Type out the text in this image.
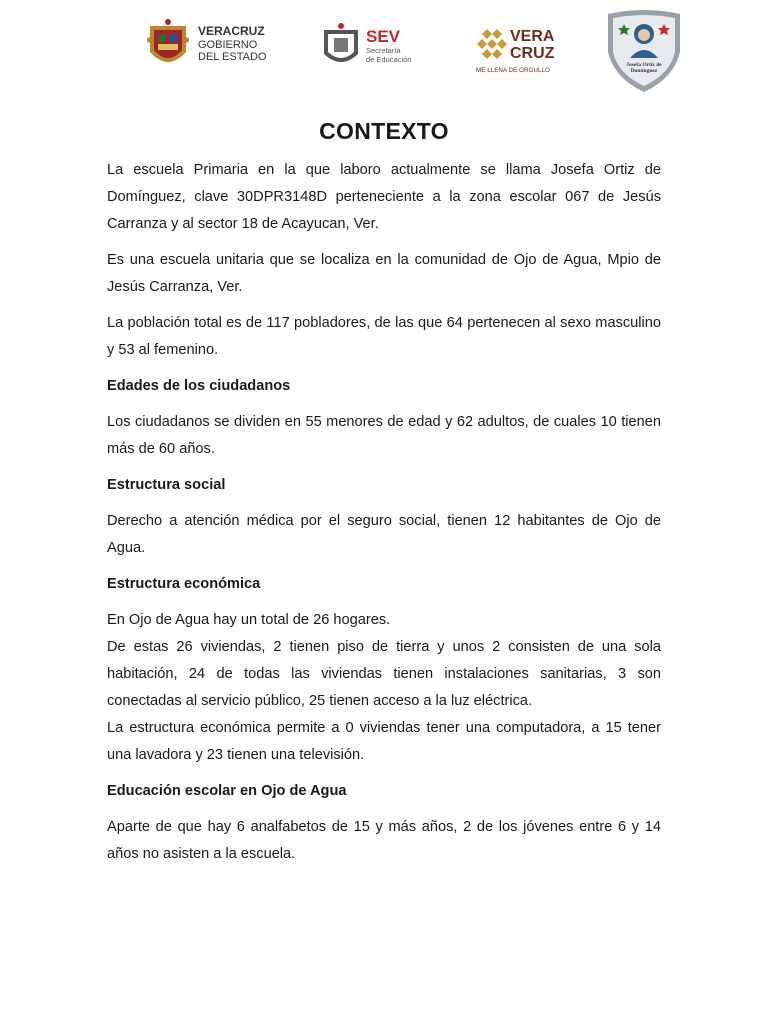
VERACRUZ
GOBIERNO
DEL ESTADO
SEV
Secretaría
de Educación
VERA
CRUZ
ME LLENA DE ORGULLO
Josefa Ortiz de
Domínguez
CONTEXTO

La escuela Primaria en la que laboro actualmente se llama Josefa Ortiz de Domínguez, clave 30DPR3148D perteneciente a la zona escolar 067 de Jesús Carranza y al sector 18 de Acayucan, Ver.

Es una escuela unitaria que se localiza en la comunidad de Ojo de Agua, Mpio de Jesús Carranza, Ver.

La población total es de 117 pobladores, de las que 64 pertenecen al sexo masculino y 53 al femenino.

Edades de los ciudadanos

Los ciudadanos se dividen en 55 menores de edad y 62 adultos, de cuales 10 tienen más de 60 años.

Estructura social

Derecho a atención médica por el seguro social, tienen 12 habitantes de Ojo de Agua.

Estructura económica

En Ojo de Agua hay un total de 26 hogares.

De estas 26 viviendas, 2 tienen piso de tierra y unos 2 consisten de una sola habitación, 24 de todas las viviendas tienen instalaciones sanitarias, 3 son conectadas al servicio público, 25 tienen acceso a la luz eléctrica.

La estructura económica permite a 0 viviendas tener una computadora, a 15 tener una lavadora y 23 tienen una televisión.

Educación escolar en Ojo de Agua

Aparte de que hay 6 analfabetos de 15 y más años, 2 de los jóvenes entre 6 y 14 años no asisten a la escuela.
